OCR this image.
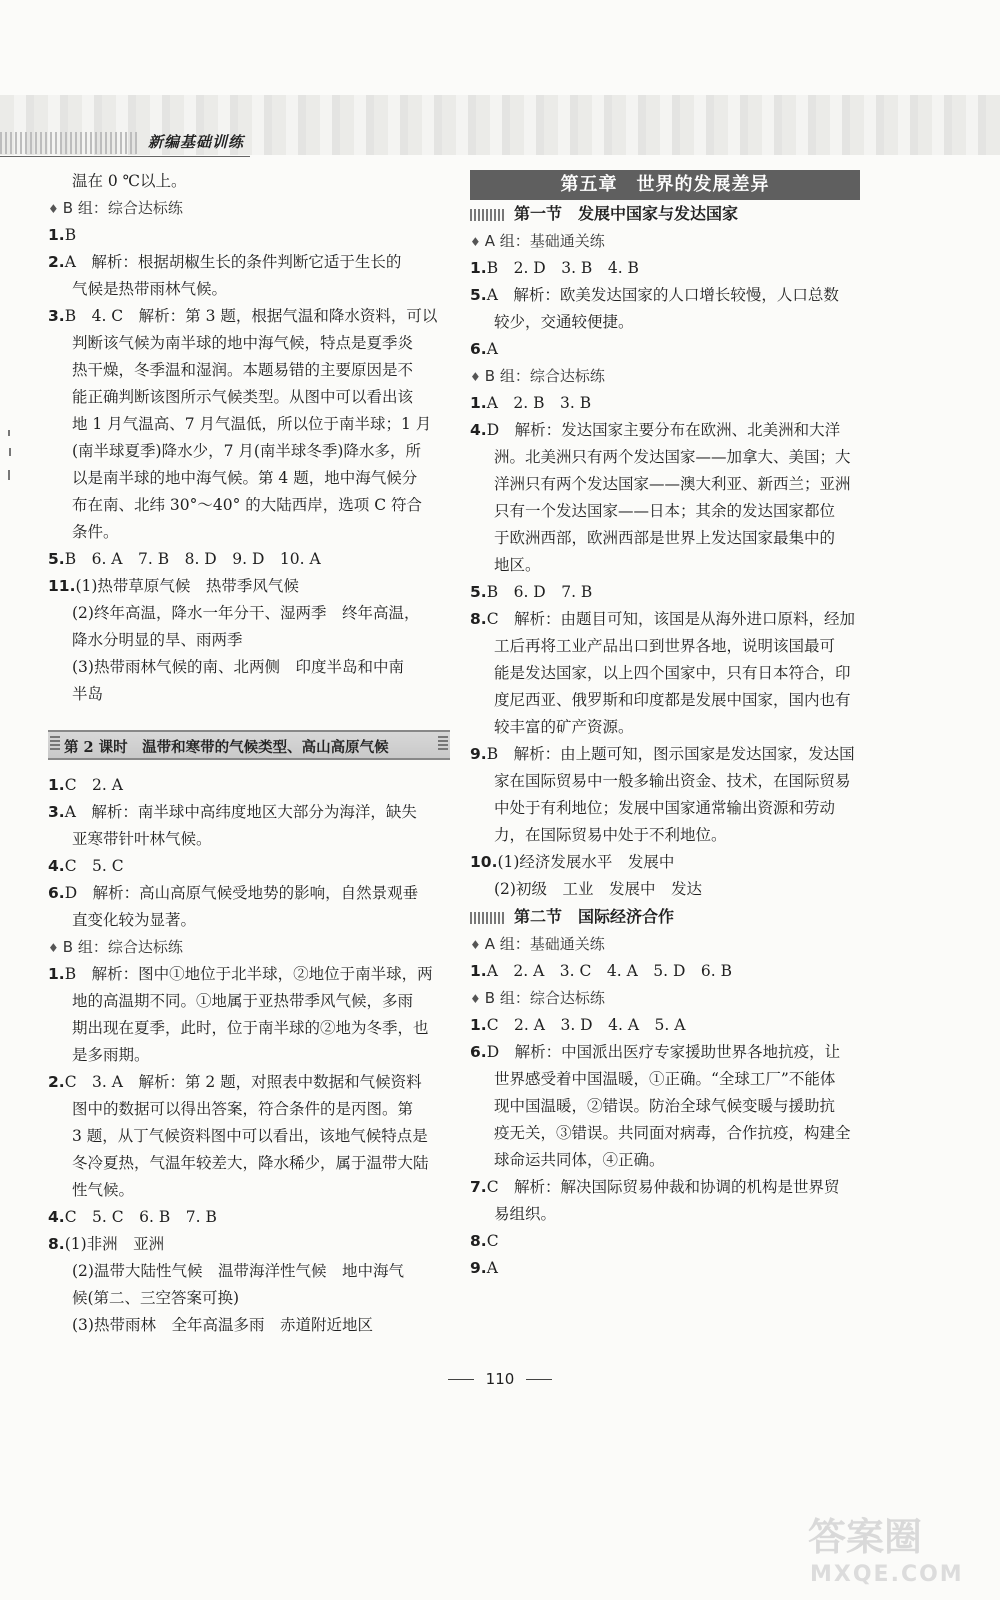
新编基础训练
温在 0 ℃以上。
♦ B 组：综合达标练
1.B
2.A　解析：根据胡椒生长的条件判断它适于生长的
气候是热带雨林气候。
3.B　4. C　解析：第 3 题，根据气温和降水资料，可以
判断该气候为南半球的地中海气候，特点是夏季炎
热干燥，冬季温和湿润。本题易错的主要原因是不
能正确判断该图所示气候类型。从图中可以看出该
地 1 月气温高、7 月气温低，所以位于南半球；1 月
(南半球夏季)降水少，7 月(南半球冬季)降水多，所
以是南半球的地中海气候。第 4 题，地中海气候分
布在南、北纬 30°～40° 的大陆西岸，选项 C 符合
条件。
5.B　6. A　7. B　8. D　9. D　10. A
11.(1)热带草原气候　热带季风气候
(2)终年高温，降水一年分干、湿两季　终年高温，
降水分明显的旱、雨两季
(3)热带雨林气候的南、北两侧　印度半岛和中南
半岛
第 2 课时　温带和寒带的气候类型、高山高原气候
1.C　2. A
3.A　解析：南半球中高纬度地区大部分为海洋，缺失
亚寒带针叶林气候。
4.C　5. C
6.D　解析：高山高原气候受地势的影响，自然景观垂
直变化较为显著。
♦ B 组：综合达标练
1.B　解析：图中①地位于北半球，②地位于南半球，两
地的高温期不同。①地属于亚热带季风气候，多雨
期出现在夏季，此时，位于南半球的②地为冬季，也
是多雨期。
2.C　3. A　解析：第 2 题，对照表中数据和气候资料
图中的数据可以得出答案，符合条件的是丙图。第
3 题，从丁气候资料图中可以看出，该地气候特点是
冬冷夏热，气温年较差大，降水稀少，属于温带大陆
性气候。
4.C　5. C　6. B　7. B
8.(1)非洲　亚洲
(2)温带大陆性气候　温带海洋性气候　地中海气
候(第二、三空答案可换)
(3)热带雨林　全年高温多雨　赤道附近地区
第五章　世界的发展差异
第一节　发展中国家与发达国家
♦ A 组：基础通关练
1.B　2. D　3. B　4. B
5.A　解析：欧美发达国家的人口增长较慢，人口总数
较少，交通较便捷。
6.A
♦ B 组：综合达标练
1.A　2. B　3. B
4.D　解析：发达国家主要分布在欧洲、北美洲和大洋
洲。北美洲只有两个发达国家——加拿大、美国；大
洋洲只有两个发达国家——澳大利亚、新西兰；亚洲
只有一个发达国家——日本；其余的发达国家都位
于欧洲西部，欧洲西部是世界上发达国家最集中的
地区。
5.B　6. D　7. B
8.C　解析：由题目可知，该国是从海外进口原料，经加
工后再将工业产品出口到世界各地，说明该国最可
能是发达国家，以上四个国家中，只有日本符合，印
度尼西亚、俄罗斯和印度都是发展中国家，国内也有
较丰富的矿产资源。
9.B　解析：由上题可知，图示国家是发达国家，发达国
家在国际贸易中一般多输出资金、技术，在国际贸易
中处于有利地位；发展中国家通常输出资源和劳动
力，在国际贸易中处于不利地位。
10.(1)经济发展水平　发展中
(2)初级　工业　发展中　发达
第二节　国际经济合作
♦ A 组：基础通关练
1.A　2. A　3. C　4. A　5. D　6. B
♦ B 组：综合达标练
1.C　2. A　3. D　4. A　5. A
6.D　解析：中国派出医疗专家援助世界各地抗疫，让
世界感受着中国温暖，①正确。“全球工厂”不能体
现中国温暖，②错误。防治全球气候变暖与援助抗
疫无关，③错误。共同面对病毒，合作抗疫，构建全
球命运共同体，④正确。
7.C　解析：解决国际贸易仲裁和协调的机构是世界贸
易组织。
8.C
9.A
110
答案圈
MXQE.COM
